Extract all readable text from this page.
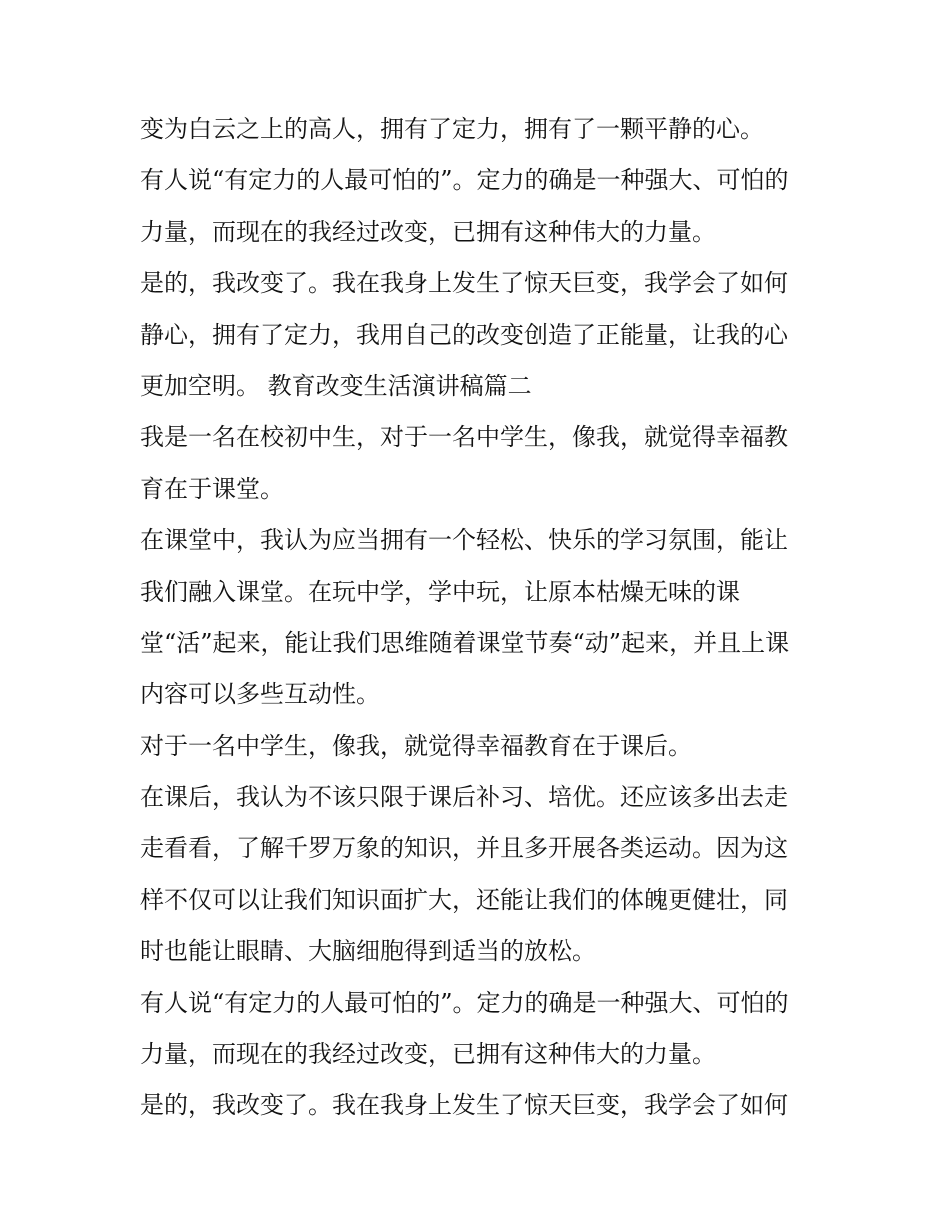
变为白云之上的高人，拥有了定力，拥有了一颗平静的心。
有人说“有定力的人最可怕的”。定力的确是一种强大、可怕的
力量，而现在的我经过改变，已拥有这种伟大的力量。
是的，我改变了。我在我身上发生了惊天巨变，我学会了如何
静心，拥有了定力，我用自己的改变创造了正能量，让我的心
更加空明。 教育改变生活演讲稿篇二
我是一名在校初中生，对于一名中学生，像我，就觉得幸福教
育在于课堂。
在课堂中，我认为应当拥有一个轻松、快乐的学习氛围，能让
我们融入课堂。在玩中学，学中玩，让原本枯燥无味的课
堂“活”起来，能让我们思维随着课堂节奏“动”起来，并且上课
内容可以多些互动性。
对于一名中学生，像我，就觉得幸福教育在于课后。
在课后，我认为不该只限于课后补习、培优。还应该多出去走
走看看，了解千罗万象的知识，并且多开展各类运动。因为这
样不仅可以让我们知识面扩大，还能让我们的体魄更健壮，同
时也能让眼睛、大脑细胞得到适当的放松。
有人说“有定力的人最可怕的”。定力的确是一种强大、可怕的
力量，而现在的我经过改变，已拥有这种伟大的力量。
是的，我改变了。我在我身上发生了惊天巨变，我学会了如何
